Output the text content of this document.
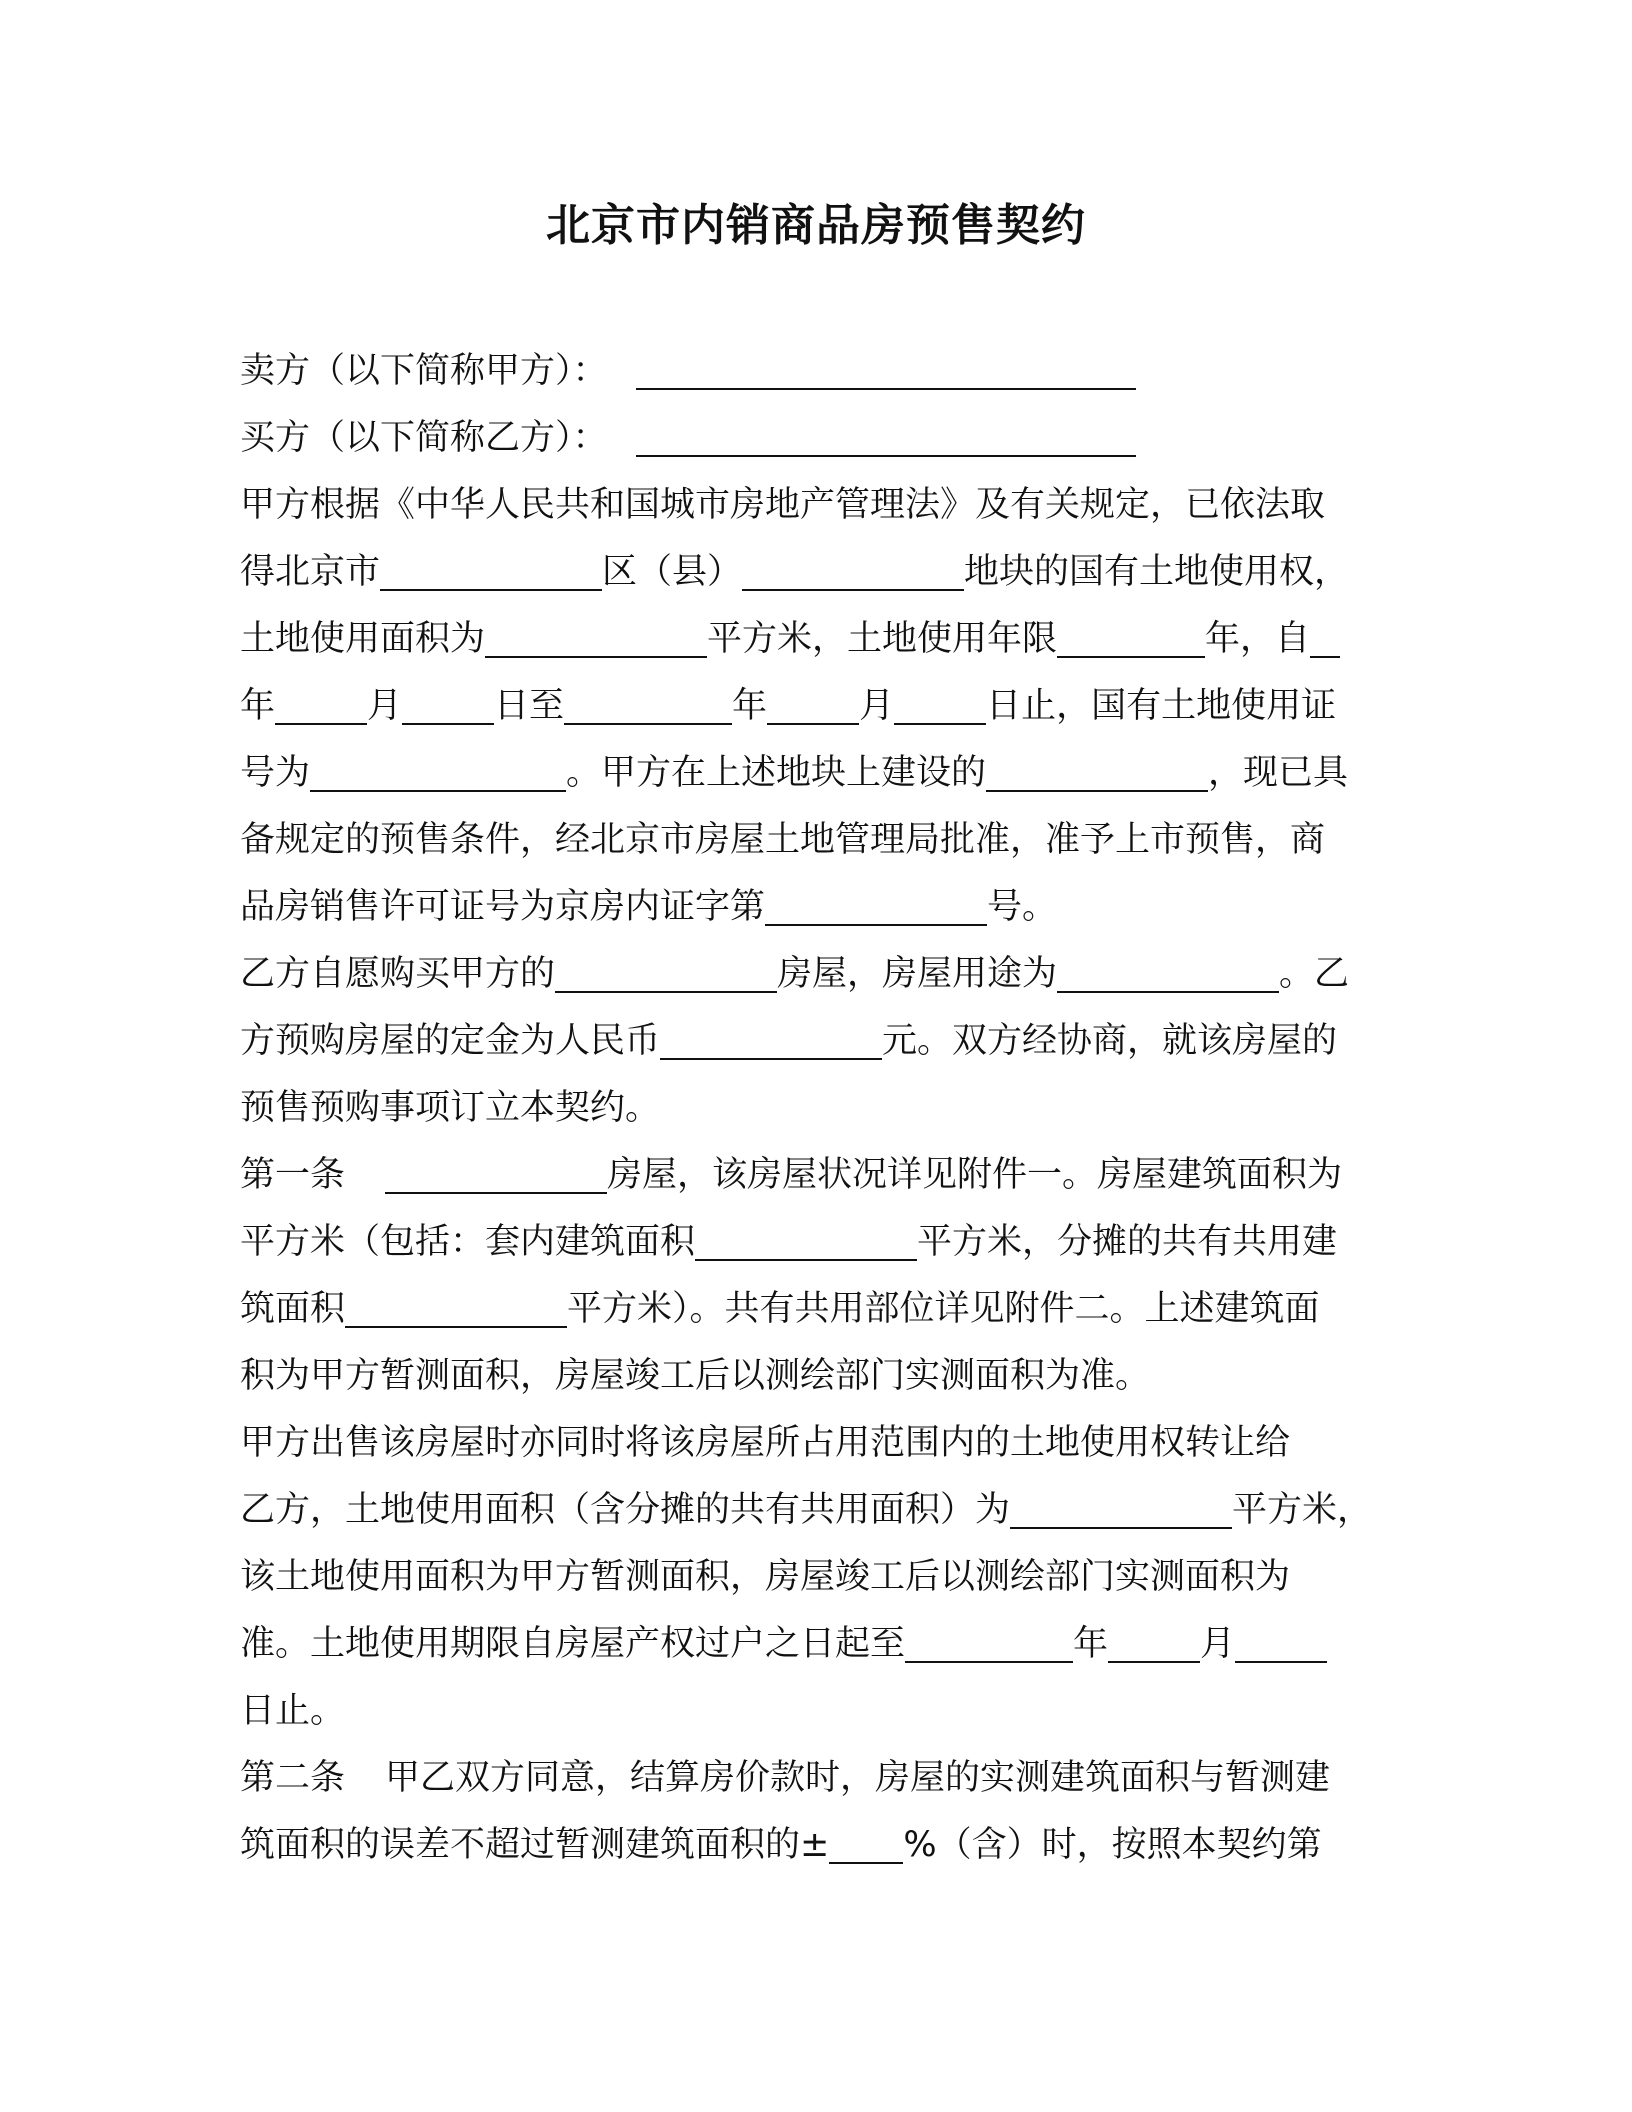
北京市内销商品房预售契约
卖方（以下简称甲方）：
买方（以下简称乙方）：
甲方根据《中华人民共和国城市房地产管理法》及有关规定，已依法取
得北京市	区（县）	地块的国有土地使用权，
土地使用面积为	平方米，土地使用年限	年，自
年	月	日至	年	月	日止，国有土地使用证
号为	。甲方在上述地块上建设的	，现已具
备规定的预售条件，经北京市房屋土地管理局批准，准予上市预售，商
品房销售许可证号为京房内证字第	号。
乙方自愿购买甲方的	房屋，房屋用途为	。乙
方预购房屋的定金为人民币	元。双方经协商，就该房屋的
预售预购事项订立本契约。
第一条	房屋，该房屋状况详见附件一。房屋建筑面积为
平方米（包括：套内建筑面积	平方米，分摊的共有共用建
筑面积	平方米）。共有共用部位详见附件二。上述建筑面
积为甲方暂测面积，房屋竣工后以测绘部门实测面积为准。
甲方出售该房屋时亦同时将该房屋所占用范围内的土地使用权转让给
乙方，土地使用面积（含分摊的共有共用面积）为	平方米，
该土地使用面积为甲方暂测面积，房屋竣工后以测绘部门实测面积为
准。土地使用期限自房屋产权过户之日起至	年	月
日止。
第二条 甲乙双方同意，结算房价款时，房屋的实测建筑面积与暂测建
筑面积的误差不超过暂测建筑面积的± %（含）时，按照本契约第
